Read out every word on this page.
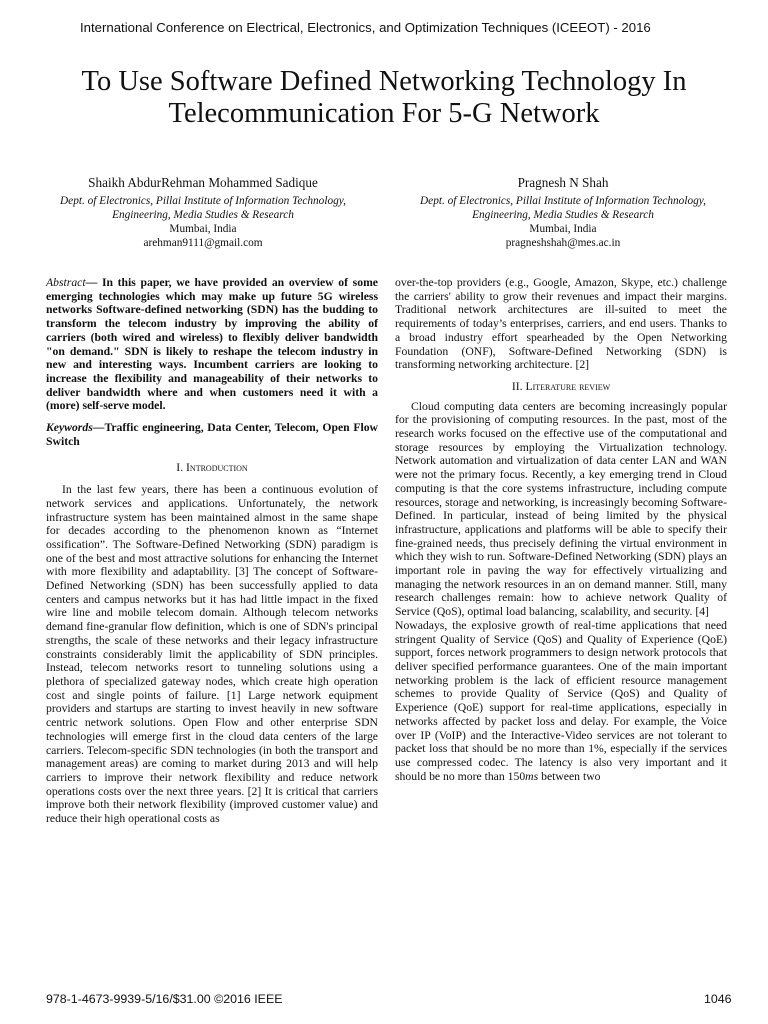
International Conference on Electrical, Electronics, and Optimization Techniques (ICEEOT) - 2016
To Use Software Defined Networking Technology In
Telecommunication For 5-G Network
Shaikh AbdurRehman Mohammed Sadique
Dept. of Electronics, Pillai Institute of Information Technology,
Engineering, Media Studies & Research
Mumbai, India
arehman9111@gmail.com
Pragnesh N Shah
Dept. of Electronics, Pillai Institute of Information Technology,
Engineering, Media Studies & Research
Mumbai, India
pragneshshah@mes.ac.in

Abstract— In this paper, we have provided an overview of some emerging technologies which may make up future 5G wireless networks Software-defined networking (SDN) has the budding to transform the telecom industry by improving the ability of carriers (both wired and wireless) to flexibly deliver bandwidth "on demand." SDN is likely to reshape the telecom industry in new and interesting ways. Incumbent carriers are looking to increase the flexibility and manageability of their networks to deliver bandwidth where and when customers need it with a (more) self-serve model.

Keywords—Traffic engineering, Data Center, Telecom, Open Flow Switch

I. Introduction

In the last few years, there has been a continuous evolution of network services and applications. Unfortunately, the network infrastructure system has been maintained almost in the same shape for decades according to the phenomenon known as “Internet ossification”. The Software-Defined Networking (SDN) paradigm is one of the best and most attractive solutions for enhancing the Internet with more flexibility and adaptability. [3] The concept of Software-Defined Networking (SDN) has been successfully applied to data centers and campus networks but it has had little impact in the fixed wire line and mobile telecom domain. Although telecom networks demand fine-granular flow definition, which is one of SDN's principal strengths, the scale of these networks and their legacy infrastructure constraints considerably limit the applicability of SDN principles. Instead, telecom networks resort to tunneling solutions using a plethora of specialized gateway nodes, which create high operation cost and single points of failure. [1] Large network equipment providers and startups are starting to invest heavily in new software centric network solutions. Open Flow and other enterprise SDN technologies will emerge first in the cloud data centers of the large carriers. Telecom-specific SDN technologies (in both the transport and management areas) are coming to market during 2013 and will help carriers to improve their network flexibility and reduce network operations costs over the next three years. [2] It is critical that carriers improve both their network flexibility (improved customer value) and reduce their high operational costs as

over-the-top providers (e.g., Google, Amazon, Skype, etc.) challenge the carriers' ability to grow their revenues and impact their margins. Traditional network architectures are ill-suited to meet the requirements of today’s enterprises, carriers, and end users. Thanks to a broad industry effort spearheaded by the Open Networking Foundation (ONF), Software-Defined Networking (SDN) is transforming networking architecture. [2]

II. Literature review

Cloud computing data centers are becoming increasingly popular for the provisioning of computing resources. In the past, most of the research works focused on the effective use of the computational and storage resources by employing the Virtualization technology. Network automation and virtualization of data center LAN and WAN were not the primary focus. Recently, a key emerging trend in Cloud computing is that the core systems infrastructure, including compute resources, storage and networking, is increasingly becoming Software-Defined. In particular, instead of being limited by the physical infrastructure, applications and platforms will be able to specify their fine-grained needs, thus precisely defining the virtual environment in which they wish to run. Software-Defined Networking (SDN) plays an important role in paving the way for effectively virtualizing and managing the network resources in an on demand manner. Still, many research challenges remain: how to achieve network Quality of Service (QoS), optimal load balancing, scalability, and security. [4]

Nowadays, the explosive growth of real-time applications that need stringent Quality of Service (QoS) and Quality of Experience (QoE) support, forces network programmers to design network protocols that deliver specified performance guarantees. One of the main important networking problem is the lack of efficient resource management schemes to provide Quality of Service (QoS) and Quality of Experience (QoE) support for real-time applications, especially in networks affected by packet loss and delay. For example, the Voice over IP (VoIP) and the Interactive-Video services are not tolerant to packet loss that should be no more than 1%, especially if the services use compressed codec. The latency is also very important and it should be no more than 150ms between two

978-1-4673-9939-5/16/$31.00 ©2016 IEEE	1046
